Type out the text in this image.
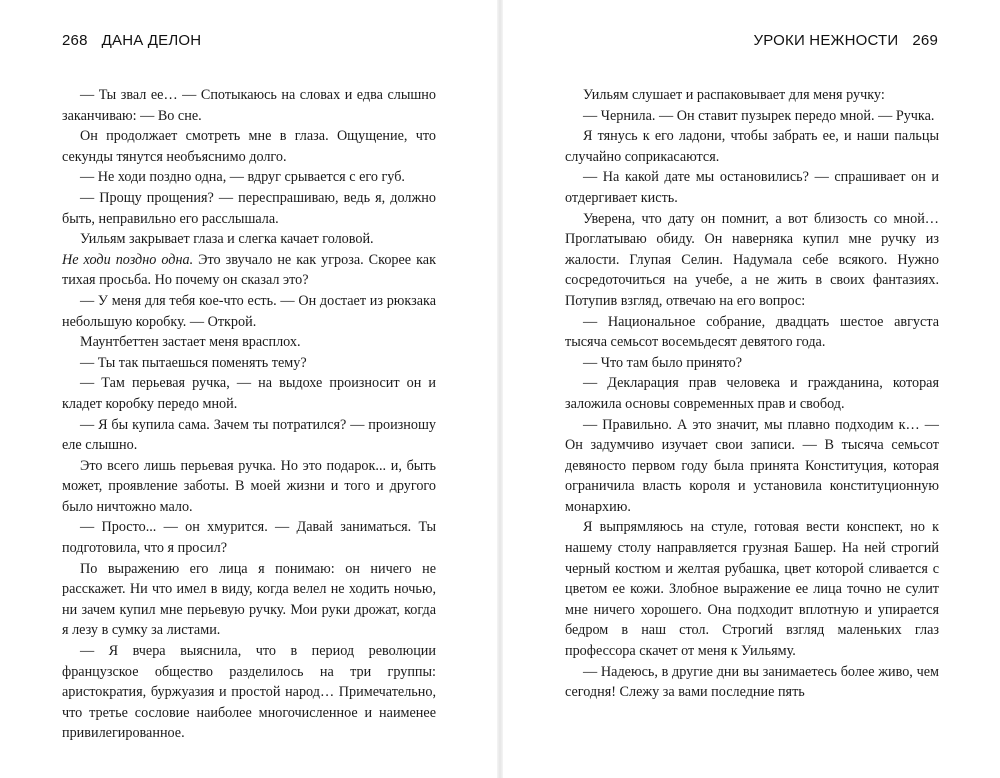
268 ДАНА ДЕЛОН

— Ты звал ее… — Спотыкаюсь на словах и едва слышно заканчиваю: — Во сне.

Он продолжает смотреть мне в глаза. Ощущение, что секунды тянутся необъяснимо долго.

— Не ходи поздно одна, — вдруг срывается с его губ.

— Прощу прощения? — переспрашиваю, ведь я, должно быть, неправильно его расслышала.

Уильям закрывает глаза и слегка качает головой.

Не ходи поздно одна. Это звучало не как угроза. Скорее как тихая просьба. Но почему он сказал это?

— У меня для тебя кое-что есть. — Он достает из рюкзака небольшую коробку. — Открой.

Маунтбеттен застает меня врасплох.

— Ты так пытаешься поменять тему?

— Там перьевая ручка, — на выдохе произносит он и кладет коробку передо мной.

— Я бы купила сама. Зачем ты потратился? — произношу еле слышно.

Это всего лишь перьевая ручка. Но это подарок... и, быть может, проявление заботы. В моей жизни и того и другого было ничтожно мало.

— Просто... — он хмурится. — Давай заниматься. Ты подготовила, что я просил?

По выражению его лица я понимаю: он ничего не расскажет. Ни что имел в виду, когда велел не ходить ночью, ни зачем купил мне перьевую ручку. Мои руки дрожат, когда я лезу в сумку за листами.

— Я вчера выяснила, что в период революции французское общество разделилось на три группы: аристократия, буржуазия и простой народ… Примечательно, что третье сословие наиболее многочисленное и наименее привилегированное.

УРОКИ НЕЖНОСТИ 269

Уильям слушает и распаковывает для меня ручку:

— Чернила. — Он ставит пузырек передо мной. — Ручка.

Я тянусь к его ладони, чтобы забрать ее, и наши пальцы случайно соприкасаются.

— На какой дате мы остановились? — спрашивает он и отдергивает кисть.

Уверена, что дату он помнит, а вот близость со мной… Проглатываю обиду. Он наверняка купил мне ручку из жалости. Глупая Селин. Надумала себе всякого. Нужно сосредоточиться на учебе, а не жить в своих фантазиях. Потупив взгляд, отвечаю на его вопрос:

— Национальное собрание, двадцать шестое августа тысяча семьсот восемьдесят девятого года.

— Что там было принято?

— Декларация прав человека и гражданина, которая заложила основы современных прав и свобод.

— Правильно. А это значит, мы плавно подходим к… — Он задумчиво изучает свои записи. — В тысяча семьсот девяносто первом году была принята Конституция, которая ограничила власть короля и установила конституционную монархию.

Я выпрямляюсь на стуле, готовая вести конспект, но к нашему столу направляется грузная Башер. На ней строгий черный костюм и желтая рубашка, цвет которой сливается с цветом ее кожи. Злобное выражение ее лица точно не сулит мне ничего хорошего. Она подходит вплотную и упирается бедром в наш стол. Строгий взгляд маленьких глаз профессора скачет от меня к Уильяму.

— Надеюсь, в другие дни вы занимаетесь более живо, чем сегодня! Слежу за вами последние пять
